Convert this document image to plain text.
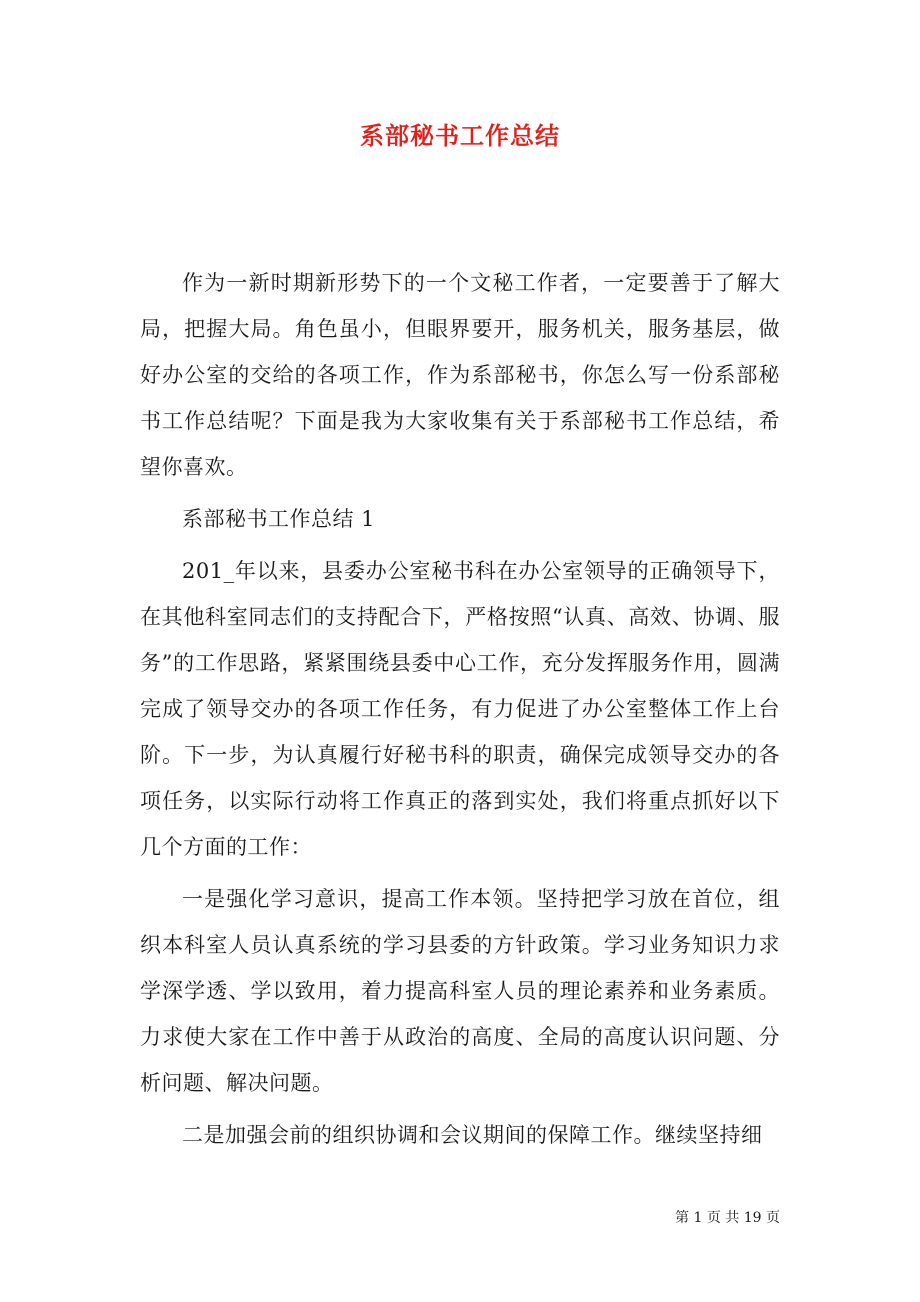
系部秘书工作总结

作为一新时期新形势下的一个文秘工作者，一定要善于了解大局，把握大局。角色虽小，但眼界要开，服务机关，服务基层，做好办公室的交给的各项工作，作为系部秘书，你怎么写一份系部秘书工作总结呢？下面是我为大家收集有关于系部秘书工作总结，希望你喜欢。

系部秘书工作总结 1

201_年以来，县委办公室秘书科在办公室领导的正确领导下，在其他科室同志们的支持配合下，严格按照“认真、高效、协调、服务”的工作思路，紧紧围绕县委中心工作，充分发挥服务作用，圆满完成了领导交办的各项工作任务，有力促进了办公室整体工作上台阶。下一步，为认真履行好秘书科的职责，确保完成领导交办的各项任务，以实际行动将工作真正的落到实处，我们将重点抓好以下几个方面的工作：

一是强化学习意识，提高工作本领。坚持把学习放在首位，组织本科室人员认真系统的学习县委的方针政策。学习业务知识力求学深学透、学以致用，着力提高科室人员的理论素养和业务素质。力求使大家在工作中善于从政治的高度、全局的高度认识问题、分析问题、解决问题。

二是加强会前的组织协调和会议期间的保障工作。继续坚持细

第 1 页 共 19 页
